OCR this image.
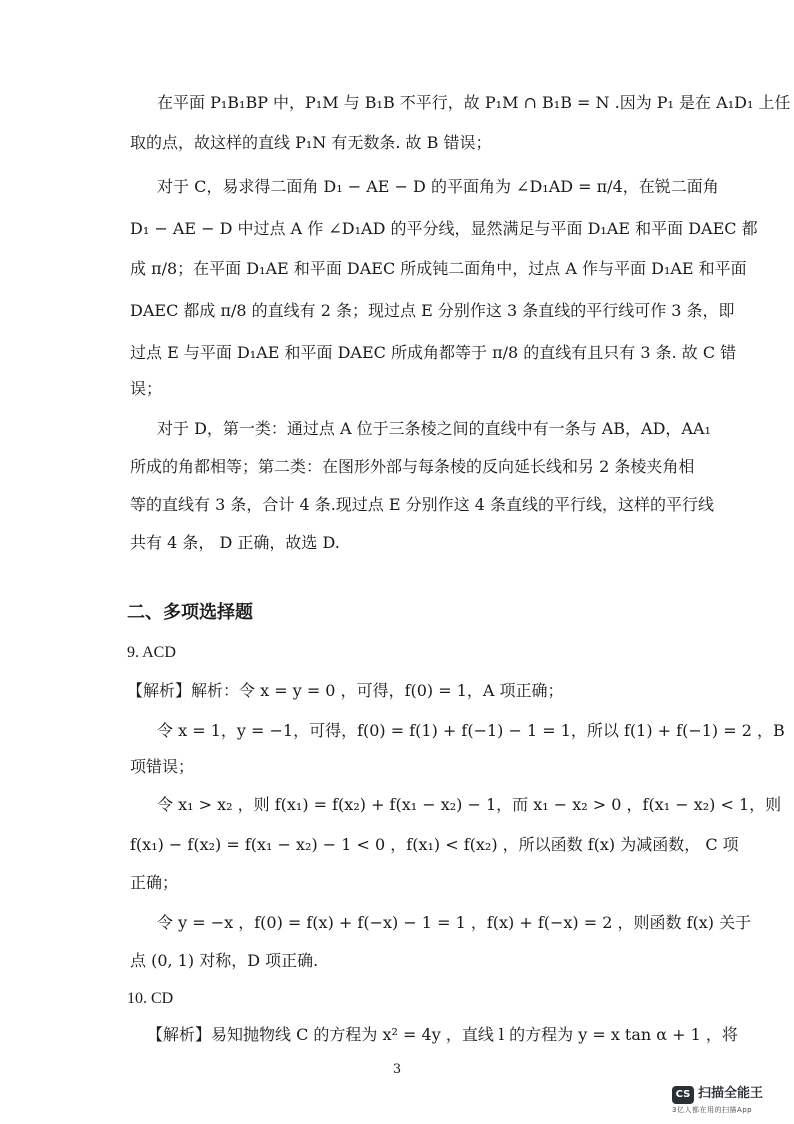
在平面 P₁B₁BP 中，P₁M 与 B₁B 不平行，故 P₁M ∩ B₁B = N .因为 P₁ 是在 A₁D₁ 上任
取的点，故这样的直线 P₁N 有无数条. 故 B 错误；
对于 C，易求得二面角 D₁ − AE − D 的平面角为 ∠D₁AD = π/4，在锐二面角
D₁ − AE − D 中过点 A 作 ∠D₁AD 的平分线，显然满足与平面 D₁AE 和平面 DAEC 都
成 π/8；在平面 D₁AE 和平面 DAEC 所成钝二面角中，过点 A 作与平面 D₁AE 和平面
DAEC 都成 π/8 的直线有 2 条；现过点 E 分别作这 3 条直线的平行线可作 3 条，即
过点 E 与平面 D₁AE 和平面 DAEC 所成角都等于 π/8 的直线有且只有 3 条. 故 C 错
误；
对于 D，第一类：通过点 A 位于三条棱之间的直线中有一条与 AB，AD，AA₁
所成的角都相等；第二类：在图形外部与每条棱的反向延长线和另 2 条棱夹角相
等的直线有 3 条，合计 4 条.现过点 E 分别作这 4 条直线的平行线，这样的平行线
共有 4 条， D 正确，故选 D.
二、多项选择题
9. ACD
【解析】解析：令 x = y = 0 ，可得，f(0) = 1，A 项正确；
令 x = 1，y = −1，可得，f(0) = f(1) + f(−1) − 1 = 1，所以 f(1) + f(−1) = 2 ，B
项错误；
令 x₁ > x₂ ，则 f(x₁) = f(x₂) + f(x₁ − x₂) − 1，而 x₁ − x₂ > 0 ，f(x₁ − x₂) < 1，则
f(x₁) − f(x₂) = f(x₁ − x₂) − 1 < 0 ，f(x₁) < f(x₂) ，所以函数 f(x) 为减函数， C 项
正确；
令 y = −x ，f(0) = f(x) + f(−x) − 1 = 1 ，f(x) + f(−x) = 2 ，则函数 f(x) 关于
点 (0, 1) 对称，D 项正确.
10. CD
【解析】易知抛物线 C 的方程为 x² = 4y ，直线 l 的方程为 y = x tan α + 1 ，将
3
CS 扫描全能王
3亿人都在用的扫描App
